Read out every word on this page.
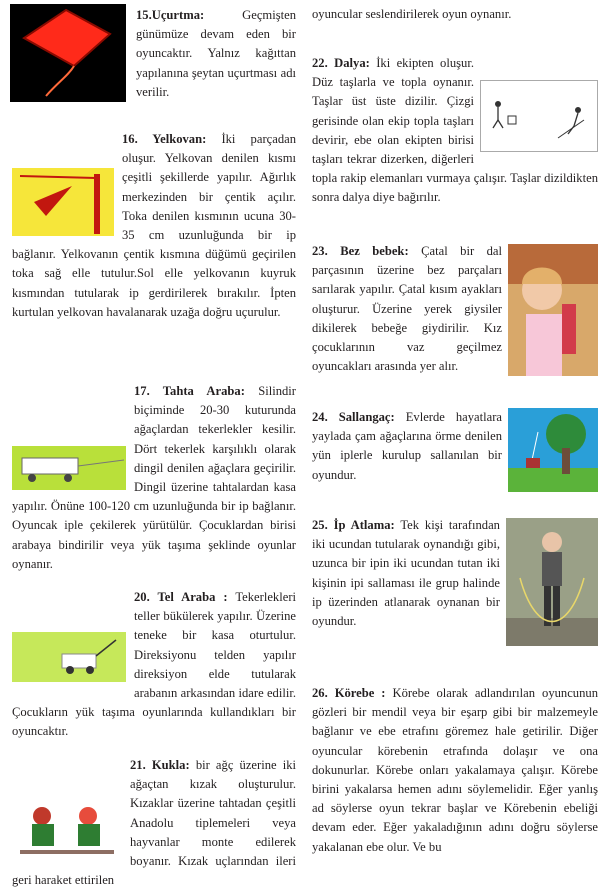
15.Uçurtma:	Geçmişten günümüze devam eden bir oyuncaktır. Yalnız kağıttan yapılanına şeytan uçurtması adı verilir.

16. Yelkovan: İki parçadan oluşur. Yelkovan denilen kısmı çeşitli şekillerde yapılır. Ağırlık merkezinden bir çentik açılır. Toka denilen kısmının ucuna 30-35 cm uzunluğunda bir ip bağlanır. Yelkovanın çentik kısmına düğümü geçirilen toka sağ elle tutulur.Sol elle yelkovanın kuyruk kısmından tutularak ip gerdirilerek bırakılır. İpten kurtulan yelkovan havalanarak uzağa doğru uçurulur.

17. Tahta Araba: Silindir biçiminde 20-30 kuturunda ağaçlardan tekerlekler kesilir. Dört tekerlek karşılıklı olarak dingil denilen ağaçlara geçirilir. Dingil üzerine tahtalardan kasa yapılır. Önüne 100-120 cm uzunluğunda bir ip bağlanır. Oyuncak iple çekilerek yürütülür. Çocuklardan birisi arabaya bindirilir veya yük taşıma şeklinde oyunlar oynanır.

20. Tel Araba : Tekerlekleri teller bükülerek yapılır. Üzerine teneke bir kasa oturtulur. Direksiyonu telden yapılır direksiyon elde tutularak arabanın arkasından idare edilir. Çocukların yük taşıma oyunlarında kullandıkları bir oyuncaktır.

21. Kukla: bir ağç üzerine iki ağaçtan kızak oluşturulur. Kızaklar üzerine tahtadan çeşitli Anadolu tiplemeleri veya hayvanlar monte edilerek boyanır. Kızak uçlarından ileri geri haraket ettirilen

oyuncular seslendirilerek oyun oynanır.

22. Dalya: İki ekipten oluşur. Düz taşlarla ve topla oynanır. Taşlar üst üste dizilir. Çizgi gerisinde olan ekip topla taşları devirir, ebe olan ekipten birisi taşları tekrar dizerken, diğerleri topla rakip elemanları vurmaya çalışır. Taşlar dizildikten sonra dalya diye bağırılır.

23. Bez bebek: Çatal bir dal parçasının üzerine bez parçaları sarılarak yapılır. Çatal kısım ayakları oluşturur. Üzerine yerek giysiler dikilerek bebeğe giydirilir. Kız çocuklarının vaz geçilmez oyuncakları arasında yer alır.

24. Sallangaç: Evlerde hayatlara yaylada çam ağaçlarına örme denilen yün iplerle kurulup sallanılan bir oyundur.

25. İp Atlama: Tek kişi tarafından iki ucundan tutularak oynandığı gibi, uzunca bir ipin iki ucundan tutan iki kişinin ipi sallaması ile grup halinde ip üzerinden atlanarak oynanan bir oyundur.

26. Körebe : Körebe olarak adlandırılan oyuncunun gözleri bir mendil veya bir eşarp gibi bir malzemeyle bağlanır ve ebe etrafını göremez hale getirilir. Diğer oyuncular körebenin etrafında dolaşır ve ona dokunurlar. Körebe onları yakalamaya çalışır. Körebe birini yakalarsa hemen adını söylemelidir. Eğer yanlış ad söylerse oyun tekrar başlar ve Körebenin ebeliği devam eder. Eğer yakaladığının adını doğru söylerse yakalanan ebe olur. Ve bu
